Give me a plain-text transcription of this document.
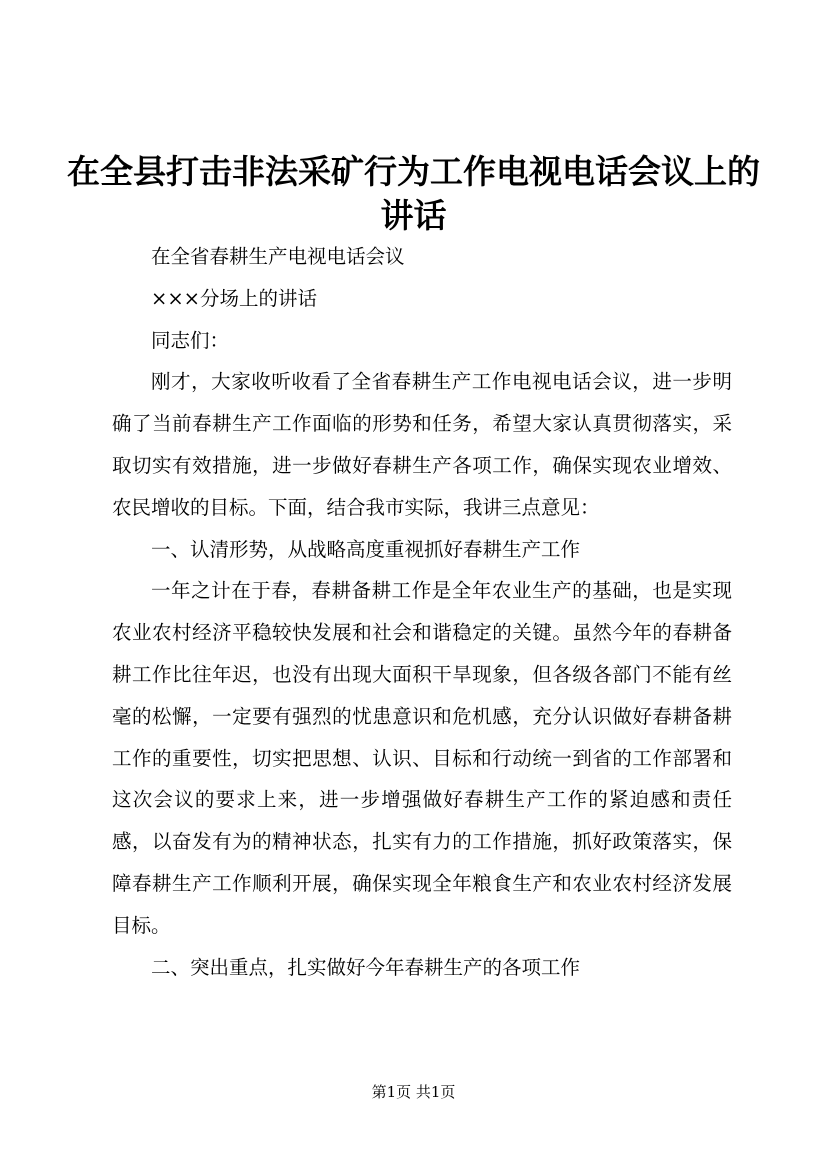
在全县打击非法采矿行为工作电视电话会议上的讲话

在全省春耕生产电视电话会议

×××分场上的讲话

同志们：

刚才，大家收听收看了全省春耕生产工作电视电话会议，进一步明确了当前春耕生产工作面临的形势和任务，希望大家认真贯彻落实，采取切实有效措施，进一步做好春耕生产各项工作，确保实现农业增效、农民增收的目标。下面，结合我市实际，我讲三点意见：

一、认清形势，从战略高度重视抓好春耕生产工作

一年之计在于春，春耕备耕工作是全年农业生产的基础，也是实现农业农村经济平稳较快发展和社会和谐稳定的关键。虽然今年的春耕备耕工作比往年迟，也没有出现大面积干旱现象，但各级各部门不能有丝毫的松懈，一定要有强烈的忧患意识和危机感，充分认识做好春耕备耕工作的重要性，切实把思想、认识、目标和行动统一到省的工作部署和这次会议的要求上来，进一步增强做好春耕生产工作的紧迫感和责任感，以奋发有为的精神状态，扎实有力的工作措施，抓好政策落实，保障春耕生产工作顺利开展，确保实现全年粮食生产和农业农村经济发展目标。

二、突出重点，扎实做好今年春耕生产的各项工作

第1页 共1页
